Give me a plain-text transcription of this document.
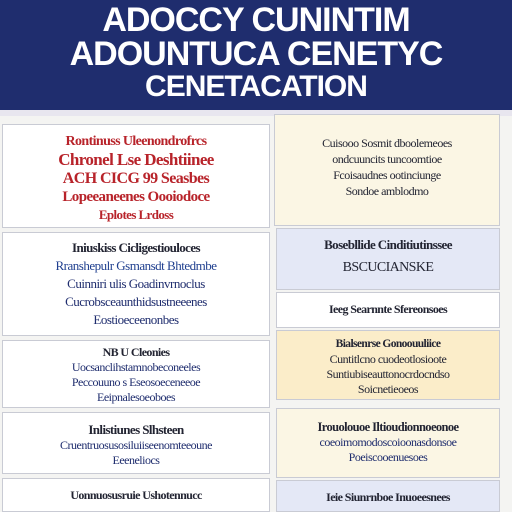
ADOCCY CUNINTIM
ADOUNTUCA CENETYC
CENETACATION
Rontinuss Uleenondrofrcs
Chronel Lse Deshtiinee
ACH CICG 99 Seasbes
Lopeeaneenes Oooiodoce
Eplotes Lrdoss
Iniuskiss Cicligestiouloces
Rranshepulr Gsmansdt Bhtedmbe
Cuinniri ulis Goadinvrnoclus
Cucrobsceaunthidsustneeenes
Eostioeceenonbes
NB U Cleonies
Uocsanclihstamnobeconeeles
Peccouuno s Eseosoeceneeoe
Eeipnalesoeoboes
Inlistiunes Slhsteen
Cruentruosusosiluiiseenomteeoune
Eeeneliocs
Uonnuosusruie Ushotennucc
Cuisooo Sosmit dboolemeoes
ondcuuncits tuncoomtioe
Fcoisaudnes ootinciunge
Sondoe amblodmo
Bosebllide Cinditiutinssee
BSCUCIANSKE
Ieeg Searnnte Sfereonsoes
Bialsenrse Gonoouuliice
Cuntitlcno cuodeotlosioote
Suntiubiseauttonocrdocndso
Soicnetieoeos
Irouolouoe Iltioudionnoeonoe
coeoimomodoscoioonasdonsoe
Poeiscooenuesoes
Ieie Siunrnboe Inuoeesnees
